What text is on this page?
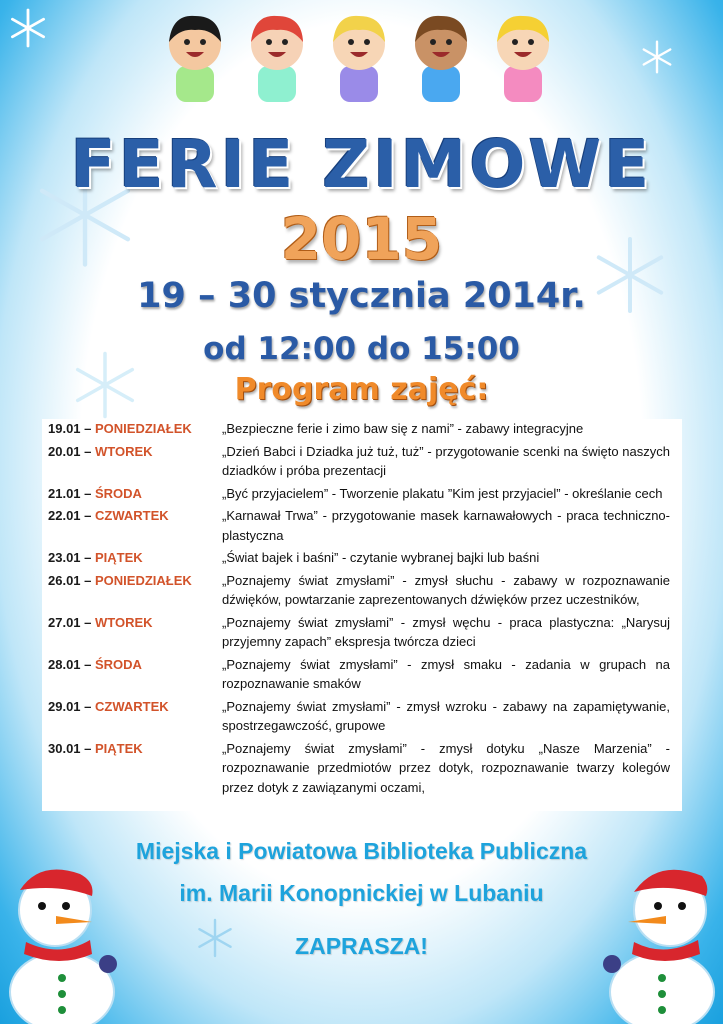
FERIE ZIMOWE
2015
19 – 30 stycznia 2014r.
od 12:00 do 15:00
Program zajęć:
19.01 – PONIEDZIAŁEK	„Bezpieczne ferie i zimo baw się z nami” - zabawy integracyjne
20.01 – WTOREK	„Dzień Babci i Dziadka już tuż, tuż” - przygotowanie scenki na święto naszych dziadków i próba prezentacji
21.01 – ŚRODA	„Być przyjacielem” - Tworzenie plakatu ”Kim jest przyjaciel” - określanie cech
22.01 – CZWARTEK	„Karnawał Trwa” - przygotowanie masek karnawałowych - praca techniczno-plastyczna
23.01 – PIĄTEK	„Świat bajek i baśni” - czytanie wybranej bajki lub baśni
26.01 – PONIEDZIAŁEK	„Poznajemy świat zmysłami” - zmysł słuchu - zabawy w rozpoznawanie dźwięków, powtarzanie zaprezentowanych dźwięków przez uczestników,
27.01 – WTOREK	„Poznajemy świat zmysłami” - zmysł węchu - praca plastyczna: „Narysuj przyjemny zapach” ekspresja twórcza dzieci
28.01 – ŚRODA	„Poznajemy świat zmysłami” - zmysł smaku - zadania w grupach na rozpoznawanie smaków
29.01 – CZWARTEK	„Poznajemy świat zmysłami” - zmysł wzroku - zabawy na zapamiętywanie, spostrzegawczość, grupowe
30.01 – PIĄTEK	„Poznajemy świat zmysłami” - zmysł dotyku „Nasze Marzenia” - rozpoznawanie przedmiotów przez dotyk, rozpoznawanie twarzy kolegów przez dotyk z zawiązanymi oczami,
Miejska i Powiatowa Biblioteka Publiczna
im. Marii Konopnickiej w Lubaniu
ZAPRASZA!
